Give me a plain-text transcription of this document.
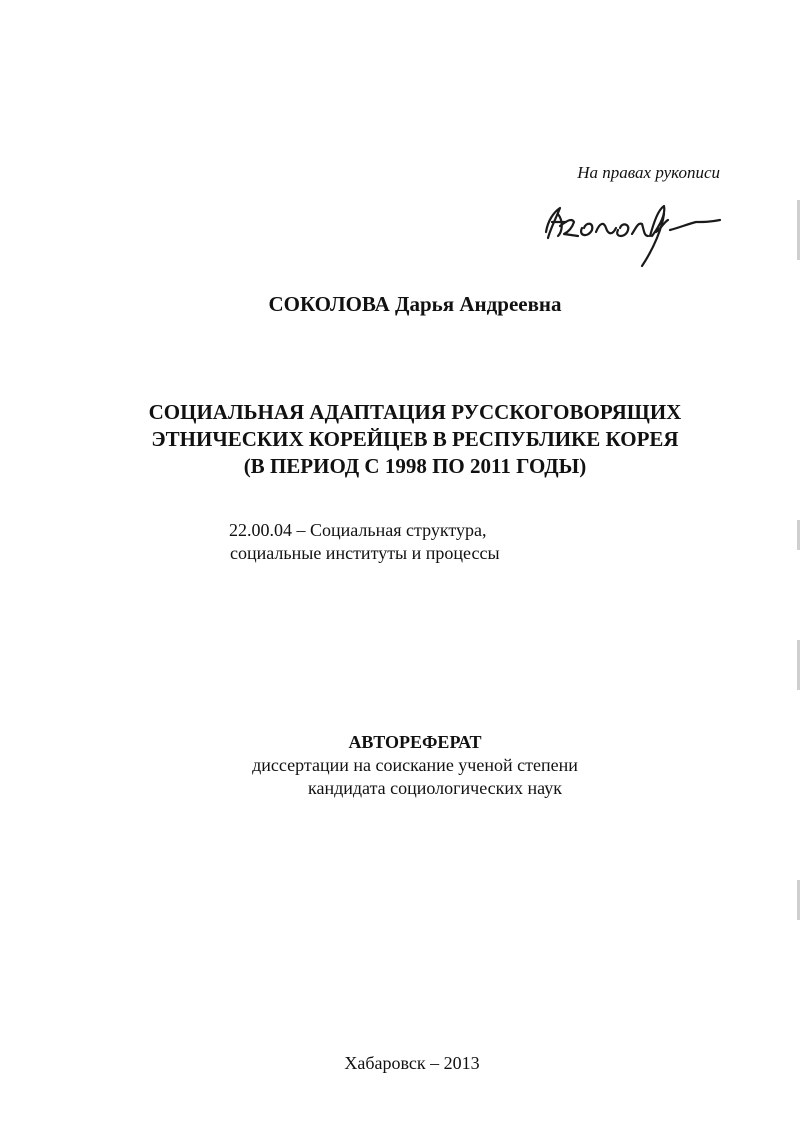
На правах рукописи
СОКОЛОВА Дарья Андреевна
СОЦИАЛЬНАЯ АДАПТАЦИЯ РУССКОГОВОРЯЩИХ
ЭТНИЧЕСКИХ КОРЕЙЦЕВ В РЕСПУБЛИКЕ КОРЕЯ
(В ПЕРИОД С 1998 ПО 2011 ГОДЫ)
22.00.04 – Социальная структура,
социальные институты и процессы
АВТОРЕФЕРАТ
диссертации на соискание ученой степени
кандидата социологических наук
Хабаровск – 2013
